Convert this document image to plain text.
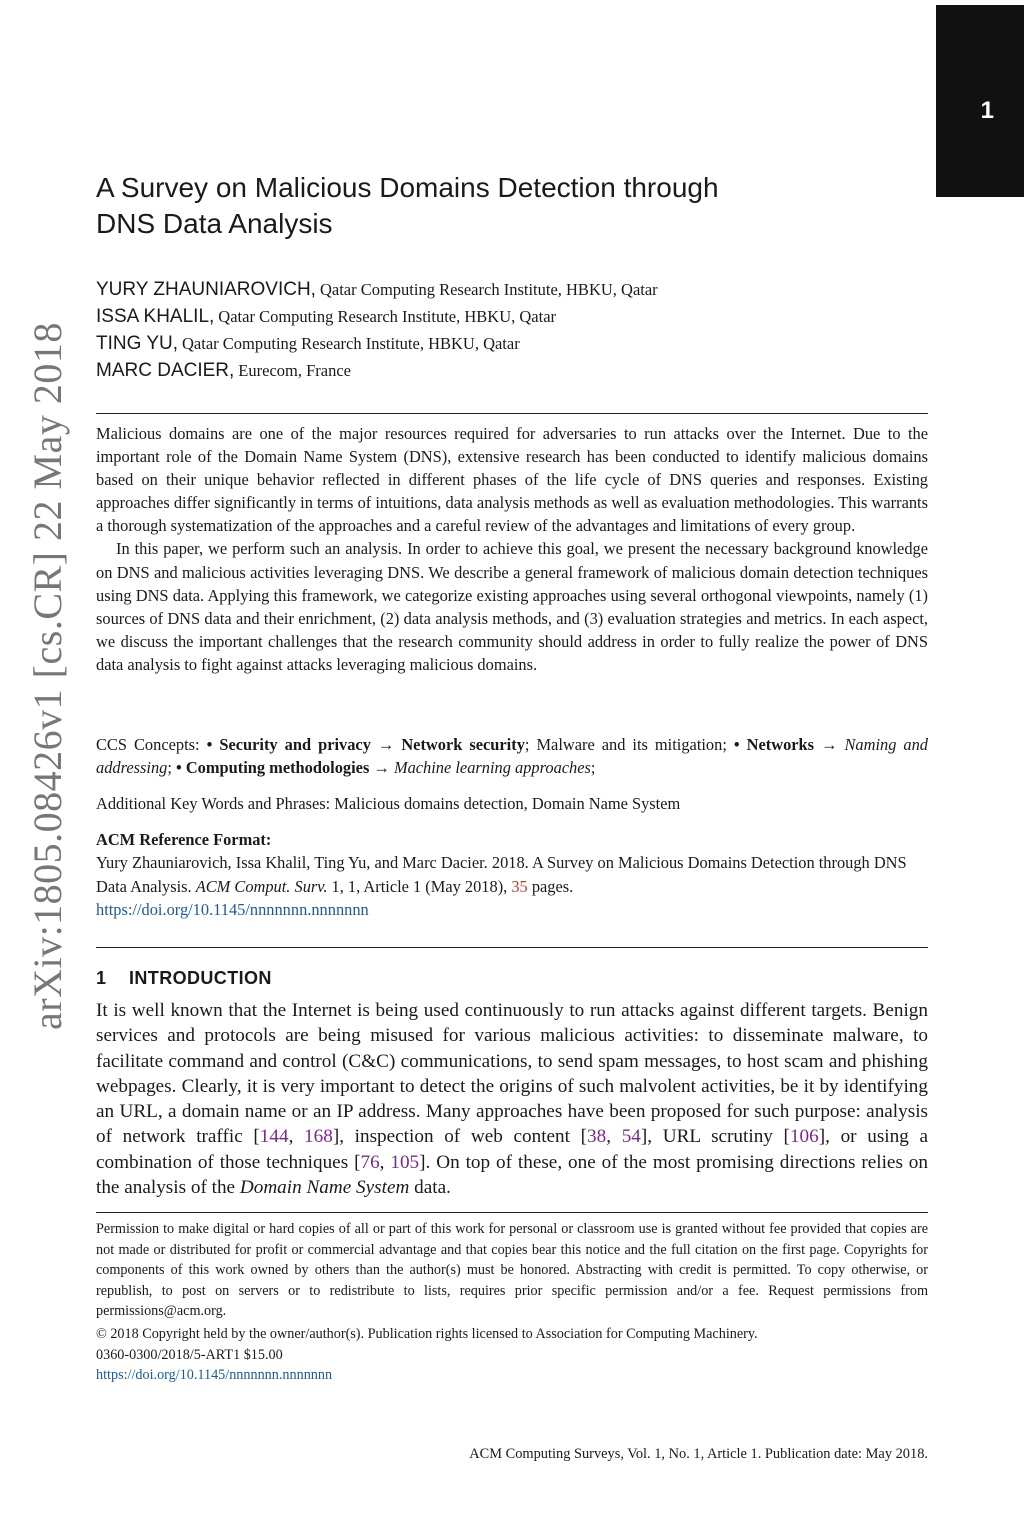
1
arXiv:1805.08426v1 [cs.CR] 22 May 2018
A Survey on Malicious Domains Detection through
DNS Data Analysis
YURY ZHAUNIAROVICH, Qatar Computing Research Institute, HBKU, Qatar
ISSA KHALIL, Qatar Computing Research Institute, HBKU, Qatar
TING YU, Qatar Computing Research Institute, HBKU, Qatar
MARC DACIER, Eurecom, France

Malicious domains are one of the major resources required for adversaries to run attacks over the Internet. Due to the important role of the Domain Name System (DNS), extensive research has been conducted to identify malicious domains based on their unique behavior reflected in different phases of the life cycle of DNS queries and responses. Existing approaches differ significantly in terms of intuitions, data analysis methods as well as evaluation methodologies. This warrants a thorough systematization of the approaches and a careful review of the advantages and limitations of every group.

In this paper, we perform such an analysis. In order to achieve this goal, we present the necessary background knowledge on DNS and malicious activities leveraging DNS. We describe a general framework of malicious domain detection techniques using DNS data. Applying this framework, we categorize existing approaches using several orthogonal viewpoints, namely (1) sources of DNS data and their enrichment, (2) data analysis methods, and (3) evaluation strategies and metrics. In each aspect, we discuss the important challenges that the research community should address in order to fully realize the power of DNS data analysis to fight against attacks leveraging malicious domains.

CCS Concepts: • Security and privacy → Network security; Malware and its mitigation; • Networks → Naming and addressing; • Computing methodologies → Machine learning approaches;
Additional Key Words and Phrases: Malicious domains detection, Domain Name System
ACM Reference Format:
Yury Zhauniarovich, Issa Khalil, Ting Yu, and Marc Dacier. 2018. A Survey on Malicious Domains Detection through DNS Data Analysis. ACM Comput. Surv. 1, 1, Article 1 (May 2018), 35 pages.
https://doi.org/10.1145/nnnnnnn.nnnnnnn
1 INTRODUCTION
It is well known that the Internet is being used continuously to run attacks against different targets. Benign services and protocols are being misused for various malicious activities: to disseminate malware, to facilitate command and control (C&C) communications, to send spam messages, to host scam and phishing webpages. Clearly, it is very important to detect the origins of such malvolent activities, be it by identifying an URL, a domain name or an IP address. Many approaches have been proposed for such purpose: analysis of network traffic [144, 168], inspection of web content [38, 54], URL scrutiny [106], or using a combination of those techniques [76, 105]. On top of these, one of the most promising directions relies on the analysis of the Domain Name System data.

Permission to make digital or hard copies of all or part of this work for personal or classroom use is granted without fee provided that copies are not made or distributed for profit or commercial advantage and that copies bear this notice and the full citation on the first page. Copyrights for components of this work owned by others than the author(s) must be honored. Abstracting with credit is permitted. To copy otherwise, or republish, to post on servers or to redistribute to lists, requires prior specific permission and/or a fee. Request permissions from permissions@acm.org.

© 2018 Copyright held by the owner/author(s). Publication rights licensed to Association for Computing Machinery.

0360-0300/2018/5-ART1 $15.00

https://doi.org/10.1145/nnnnnnn.nnnnnnn

ACM Computing Surveys, Vol. 1, No. 1, Article 1. Publication date: May 2018.
